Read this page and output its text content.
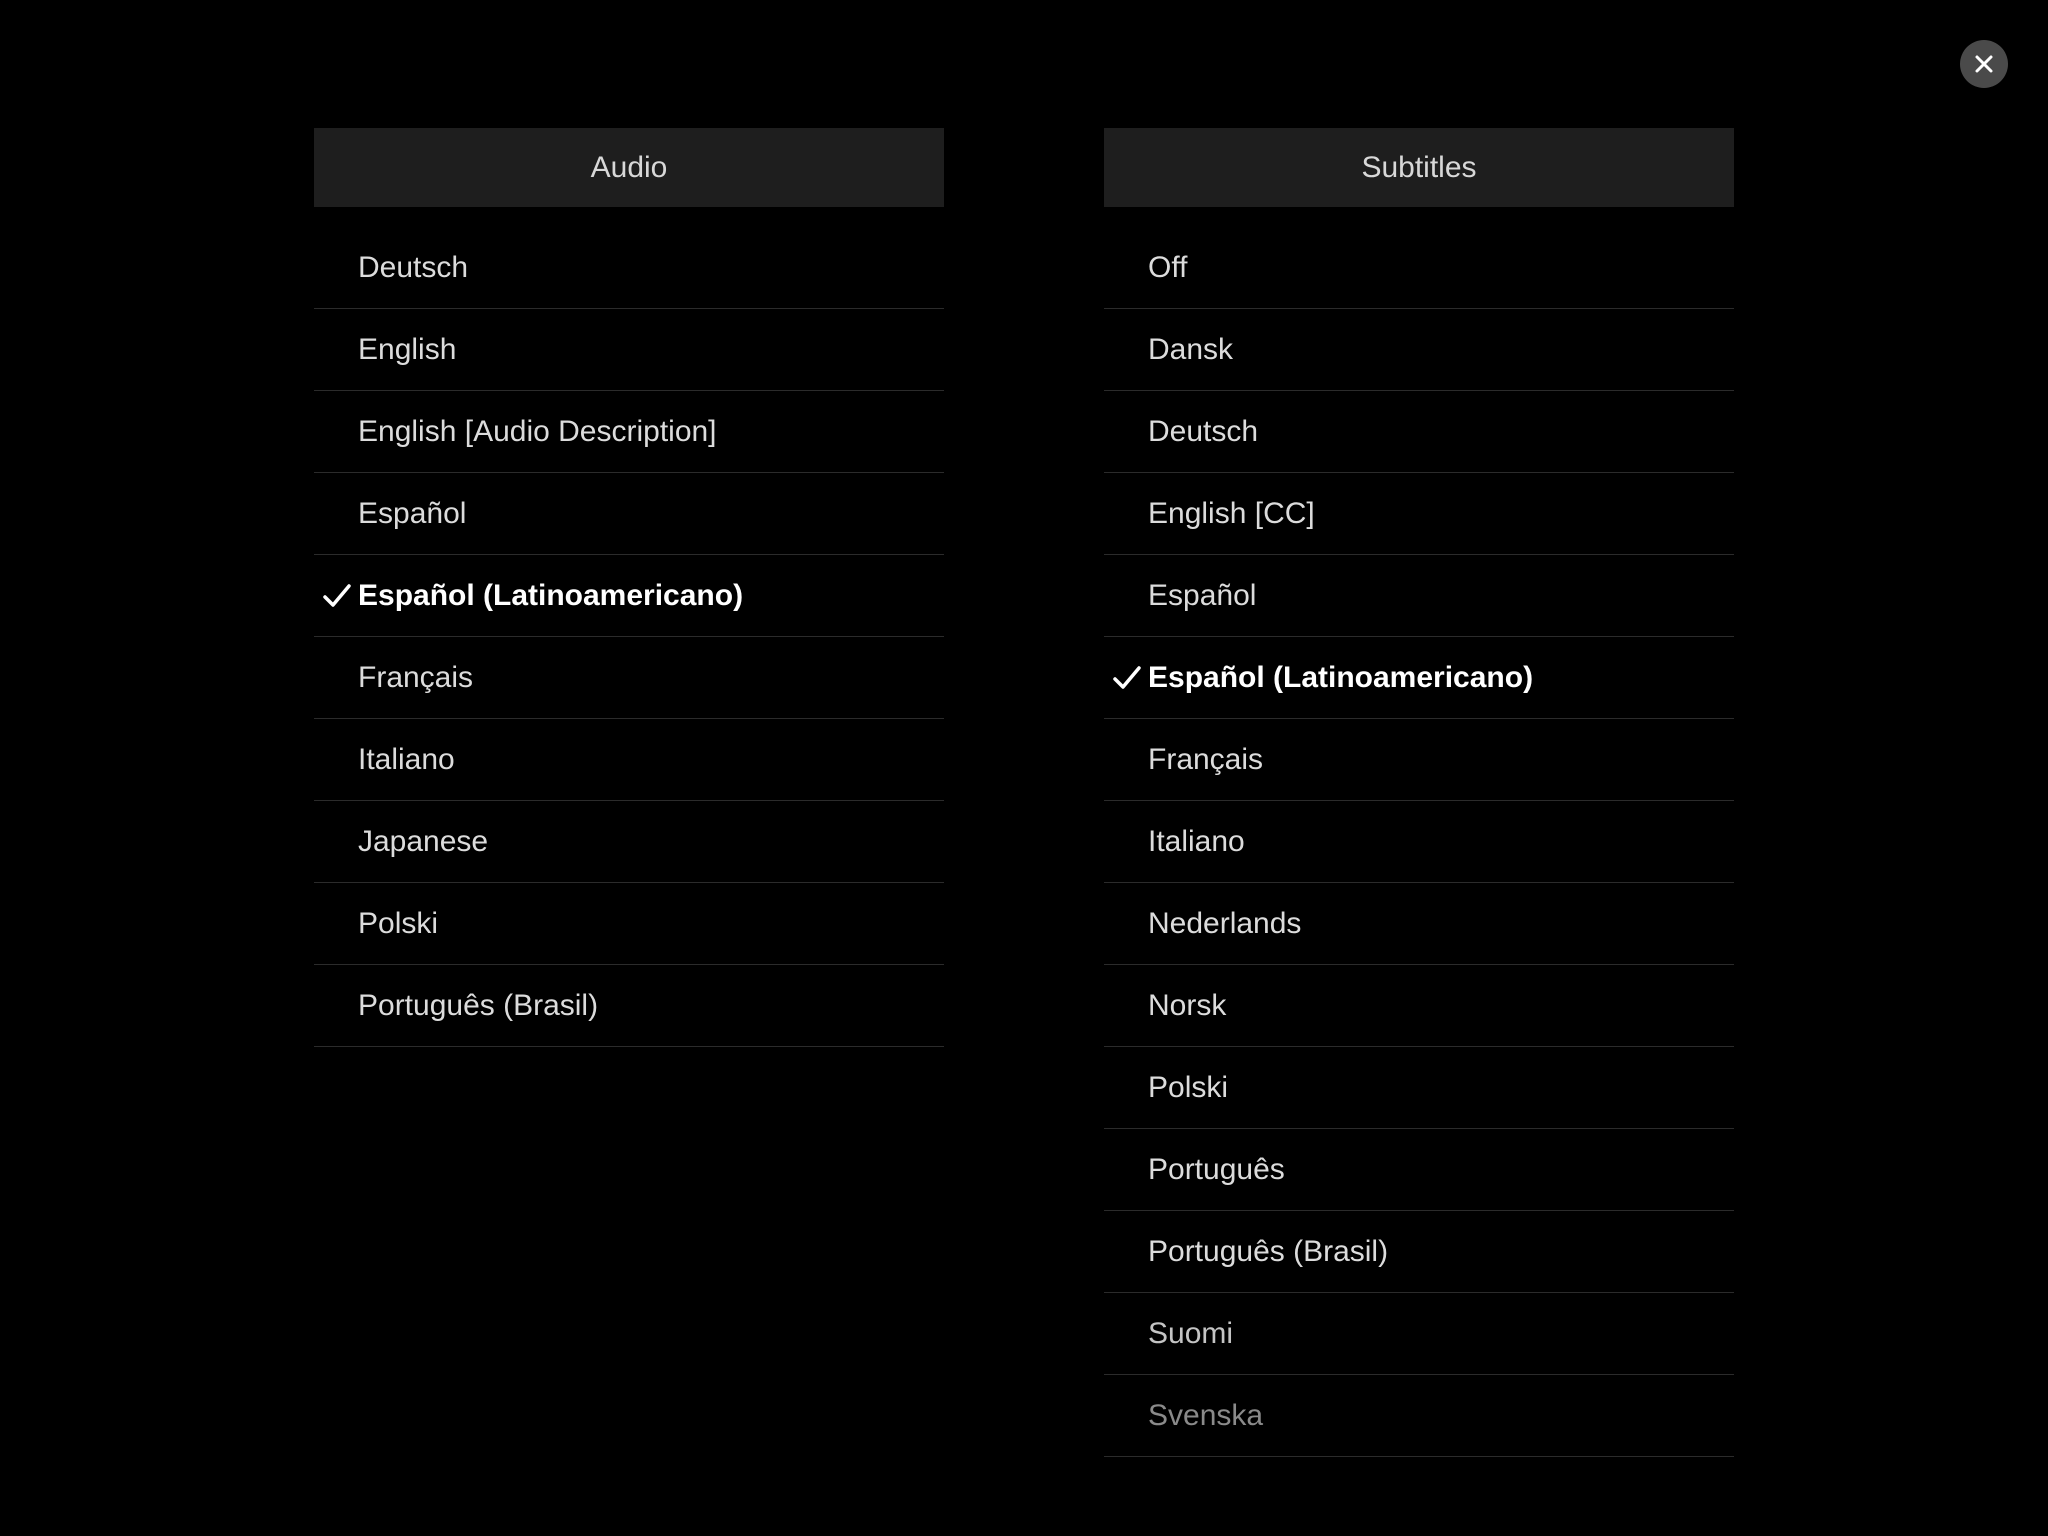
Audio
Deutsch
English
English [Audio Description]
Español
Español (Latinoamericano)
Français
Italiano
Japanese
Polski
Português (Brasil)
Subtitles
Off
Dansk
Deutsch
English [CC]
Español
Español (Latinoamericano)
Français
Italiano
Nederlands
Norsk
Polski
Português
Português (Brasil)
Suomi
Svenska
